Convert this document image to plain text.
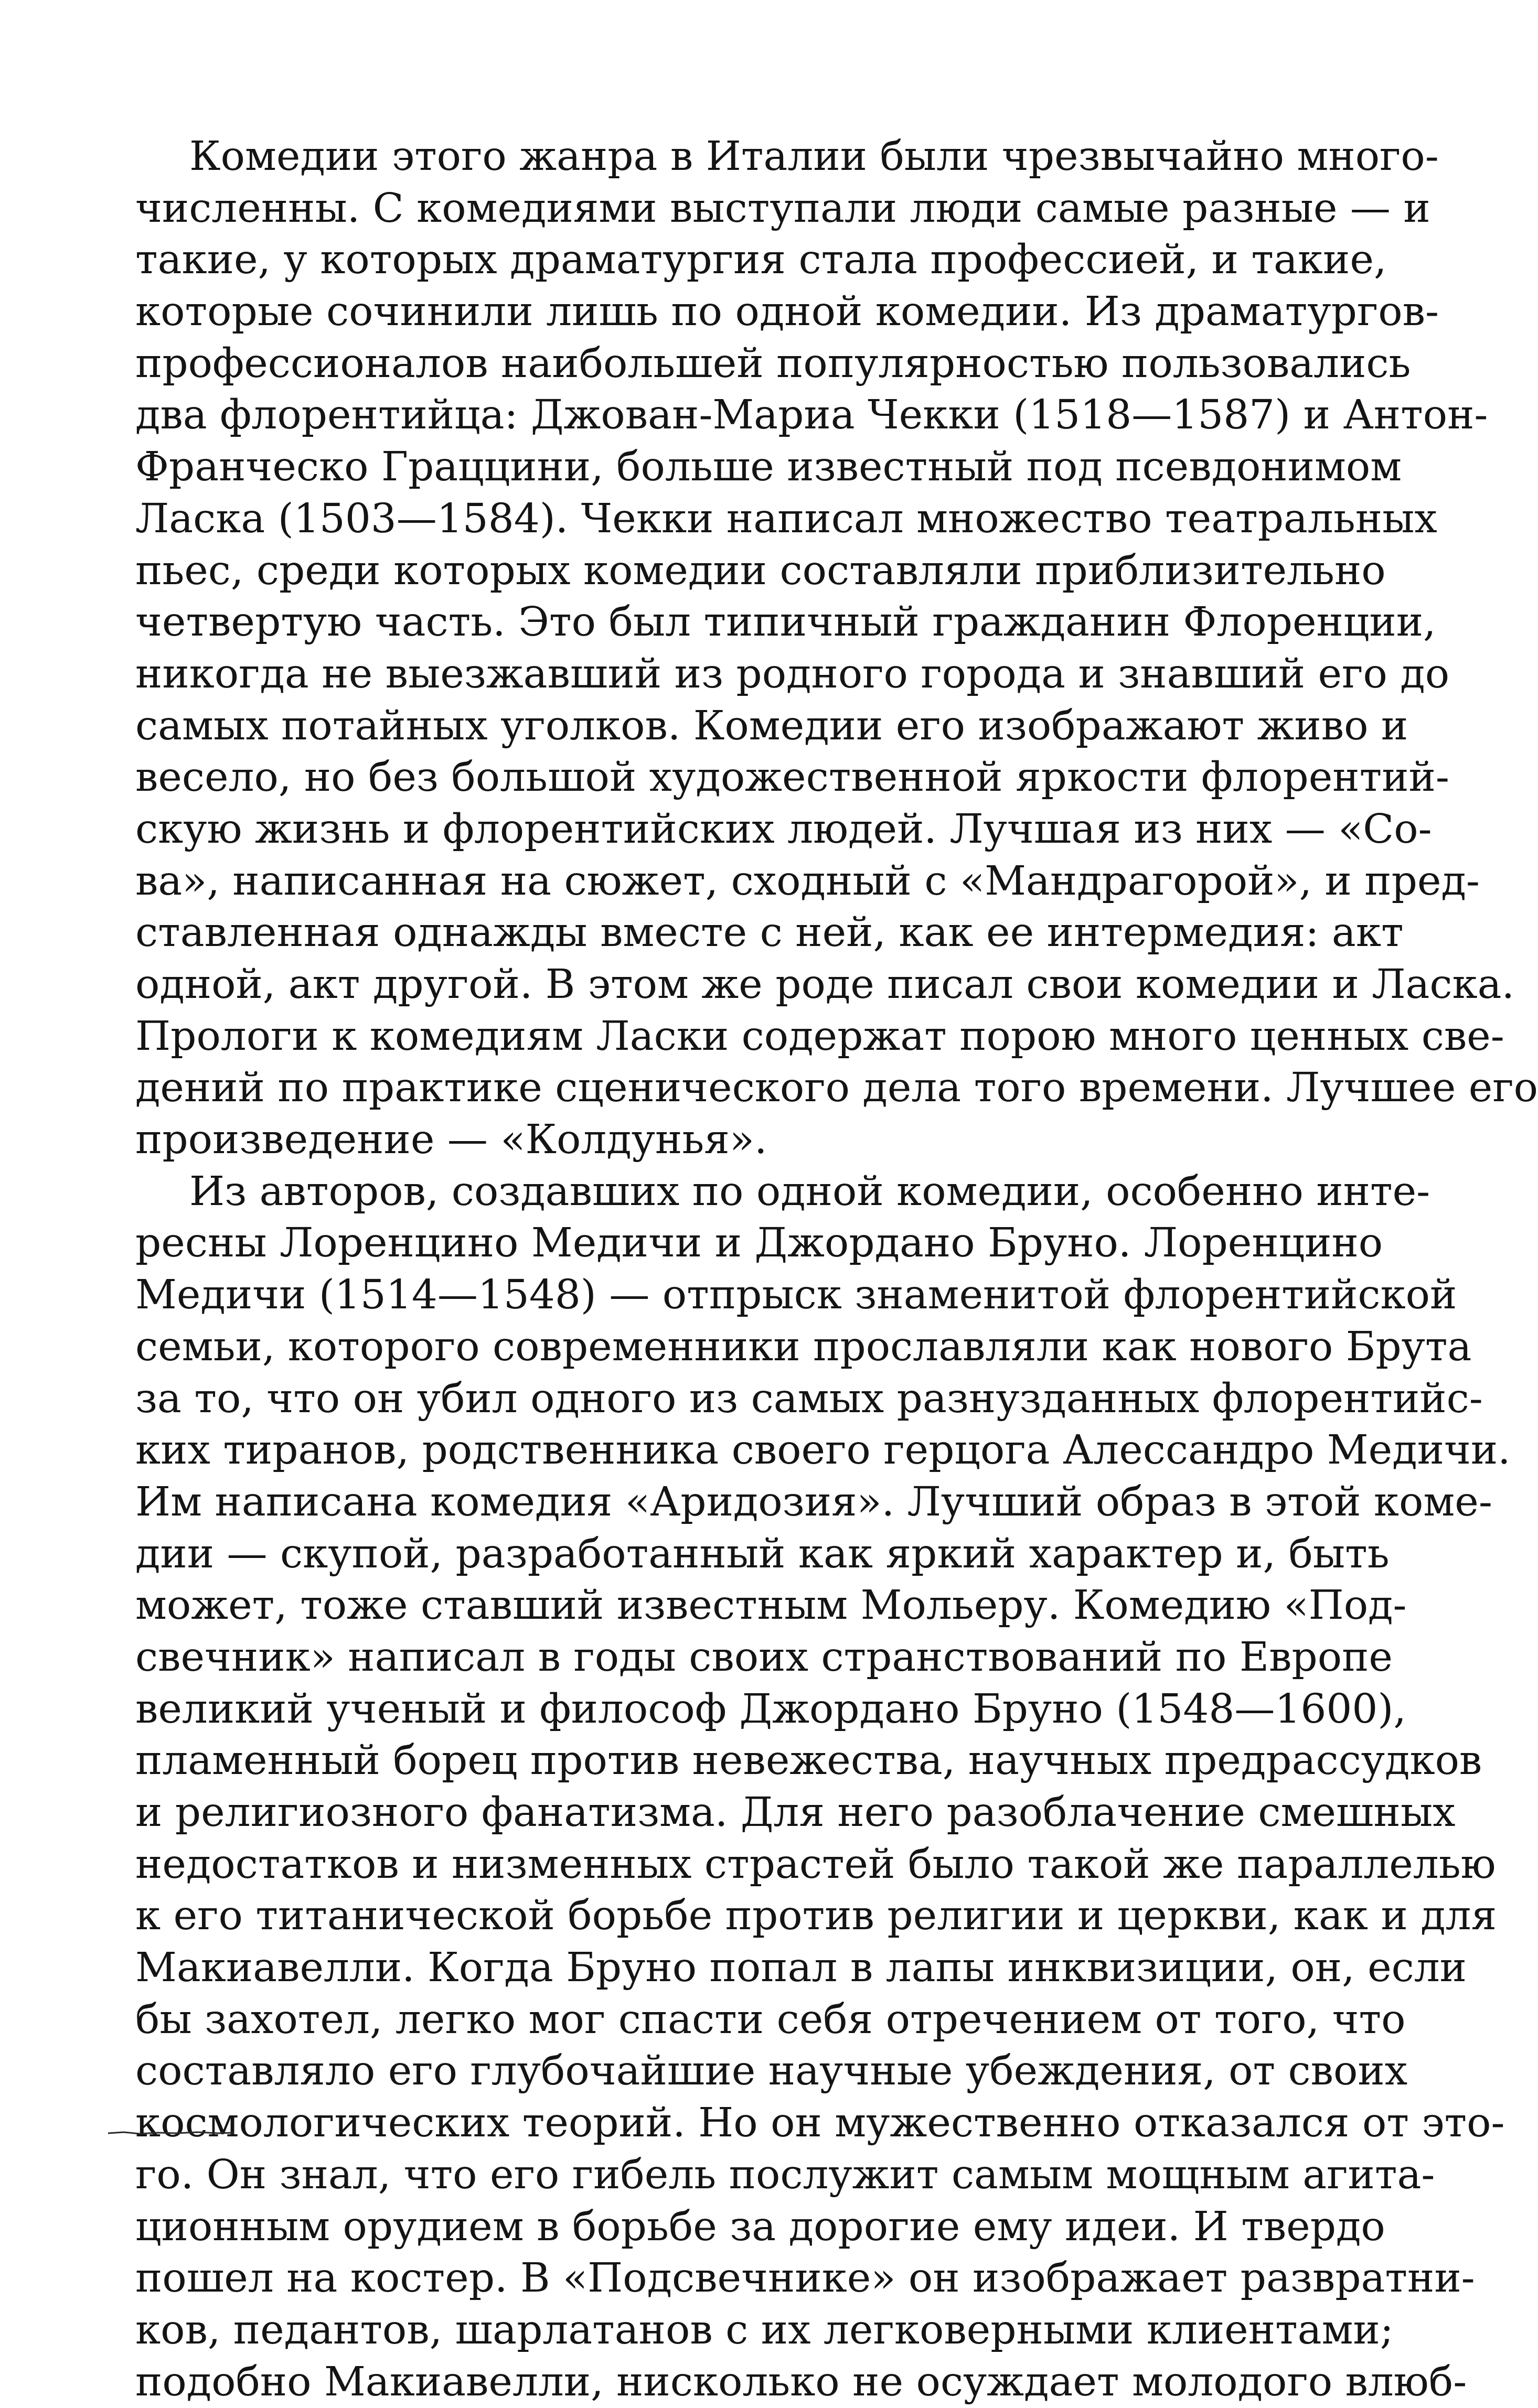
Комедии этого жанра в Италии были чрезвычайно много-
численны. С комедиями выступали люди самые разные — и
такие, у которых драматургия стала профессией, и такие,
которые сочинили лишь по одной комедии. Из драматургов-
профессионалов наибольшей популярностью пользовались
два флорентийца: Джован-Мариа Чекки (1518—1587) и Антон-
Франческо Граццини, больше известный под псевдонимом
Ласка (1503—1584). Чекки написал множество театральных
пьес, среди которых комедии составляли приблизительно
четвертую часть. Это был типичный гражданин Флоренции,
никогда не выезжавший из родного города и знавший его до
самых потайных уголков. Комедии его изображают живо и
весело, но без большой художественной яркости флорентий-
скую жизнь и флорентийских людей. Лучшая из них — «Со-
ва», написанная на сюжет, сходный с «Мандрагорой», и пред-
ставленная однажды вместе с ней, как ее интермедия: акт
одной, акт другой. В этом же роде писал свои комедии и Ласка.
Прологи к комедиям Ласки содержат порою много ценных све-
дений по практике сценического дела того времени. Лучшее его
произведение — «Колдунья».
Из авторов, создавших по одной комедии, особенно инте-
ресны Лоренцино Медичи и Джордано Бруно. Лоренцино
Медичи (1514—1548) — отпрыск знаменитой флорентийской
семьи, которого современники прославляли как нового Брута
за то, что он убил одного из самых разнузданных флорентийс-
ких тиранов, родственника своего герцога Алессандро Медичи.
Им написана комедия «Аридозия». Лучший образ в этой коме-
дии — скупой, разработанный как яркий характер и, быть
может, тоже ставший известным Мольеру. Комедию «Под-
свечник» написал в годы своих странствований по Европе
великий ученый и философ Джордано Бруно (1548—1600),
пламенный борец против невежества, научных предрассудков
и религиозного фанатизма. Для него разоблачение смешных
недостатков и низменных страстей было такой же параллелью
к его титанической борьбе против религии и церкви, как и для
Макиавелли. Когда Бруно попал в лапы инквизиции, он, если
бы захотел, легко мог спасти себя отречением от того, что
составляло его глубочайшие научные убеждения, от своих
космологических теорий. Но он мужественно отказался от это-
го. Он знал, что его гибель послужит самым мощным агита-
ционным орудием в борьбе за дорогие ему идеи. И твердо
пошел на костер. В «Подсвечнике» он изображает развратни-
ков, педантов, шарлатанов с их легковерными клиентами;
подобно Макиавелли, нисколько не осуждает молодого влюб-
